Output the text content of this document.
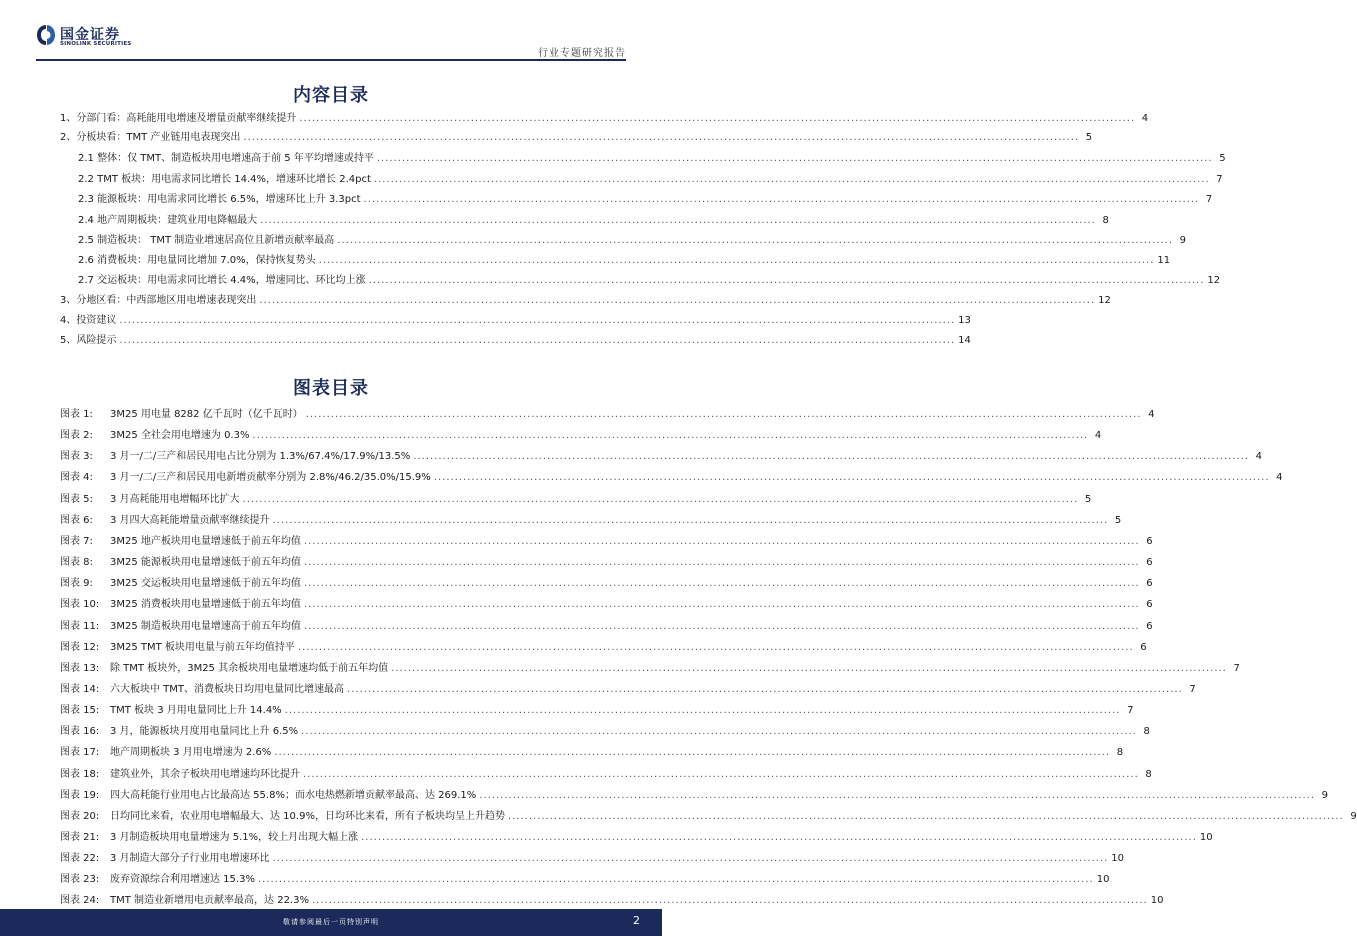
国金证券
SINOLINK SECURITIES
行业专题研究报告
内容目录
1、分部门看：高耗能用电增速及增量贡献率继续提升 ........................................................................................................................................................................................................ 4
2、分板块看：TMT 产业链用电表现突出 ........................................................................................................................................................................................................ 5
2.1 整体：仅 TMT、制造板块用电增速高于前 5 年平均增速或持平 ........................................................................................................................................................................................................ 5
2.2 TMT 板块：用电需求同比增长 14.4%，增速环比增长 2.4pct ........................................................................................................................................................................................................ 7
2.3 能源板块：用电需求同比增长 6.5%，增速环比上升 3.3pct ........................................................................................................................................................................................................ 7
2.4 地产周期板块：建筑业用电降幅最大 ........................................................................................................................................................................................................ 8
2.5 制造板块： TMT 制造业增速居高位且新增贡献率最高 ........................................................................................................................................................................................................ 9
2.6 消费板块：用电量同比增加 7.0%，保持恢复势头 ........................................................................................................................................................................................................ 11
2.7 交运板块：用电需求同比增长 4.4%，增速同比、环比均上涨 ........................................................................................................................................................................................................ 12
3、分地区看：中西部地区用电增速表现突出 ........................................................................................................................................................................................................ 12
4、投资建议 ........................................................................................................................................................................................................ 13
5、风险提示 ........................................................................................................................................................................................................ 14
图表目录
图表 1:	3M25 用电量 8282 亿千瓦时（亿千瓦时） ........................................................................................................................................................................................................ 4
图表 2:	3M25 全社会用电增速为 0.3% ........................................................................................................................................................................................................ 4
图表 3:	3 月一/二/三产和居民用电占比分别为 1.3%/67.4%/17.9%/13.5% ........................................................................................................................................................................................................ 4
图表 4:	3 月一/二/三产和居民用电新增贡献率分别为 2.8%/46.2/35.0%/15.9% ........................................................................................................................................................................................................ 4
图表 5:	3 月高耗能用电增幅环比扩大 ........................................................................................................................................................................................................ 5
图表 6:	3 月四大高耗能增量贡献率继续提升 ........................................................................................................................................................................................................ 5
图表 7:	3M25 地产板块用电量增速低于前五年均值 ........................................................................................................................................................................................................ 6
图表 8:	3M25 能源板块用电量增速低于前五年均值 ........................................................................................................................................................................................................ 6
图表 9:	3M25 交运板块用电量增速低于前五年均值 ........................................................................................................................................................................................................ 6
图表 10:	3M25 消费板块用电量增速低于前五年均值 ........................................................................................................................................................................................................ 6
图表 11:	3M25 制造板块用电量增速高于前五年均值 ........................................................................................................................................................................................................ 6
图表 12:	3M25 TMT 板块用电量与前五年均值持平 ........................................................................................................................................................................................................ 6
图表 13:	除 TMT 板块外，3M25 其余板块用电量增速均低于前五年均值 ........................................................................................................................................................................................................ 7
图表 14:	六大板块中 TMT、消费板块日均用电量同比增速最高 ........................................................................................................................................................................................................ 7
图表 15:	TMT 板块 3 月用电量同比上升 14.4% ........................................................................................................................................................................................................ 7
图表 16:	3 月，能源板块月度用电量同比上升 6.5% ........................................................................................................................................................................................................ 8
图表 17:	地产周期板块 3 月用电增速为 2.6% ........................................................................................................................................................................................................ 8
图表 18:	建筑业外，其余子板块用电增速均环比提升 ........................................................................................................................................................................................................ 8
图表 19:	四大高耗能行业用电占比最高达 55.8%；而水电热燃新增贡献率最高、达 269.1% ........................................................................................................................................................................................................ 9
图表 20:	日均同比来看，农业用电增幅最大、达 10.9%，日均环比来看，所有子板块均呈上升趋势 ........................................................................................................................................................................................................ 9
图表 21:	3 月制造板块用电量增速为 5.1%，较上月出现大幅上涨 ........................................................................................................................................................................................................ 10
图表 22:	3 月制造大部分子行业用电增速环比 ........................................................................................................................................................................................................ 10
图表 23:	废弃资源综合利用增速达 15.3% ........................................................................................................................................................................................................ 10
图表 24:	TMT 制造业新增用电贡献率最高，达 22.3% ........................................................................................................................................................................................................ 10
敬请参阅最后一页特别声明	2
